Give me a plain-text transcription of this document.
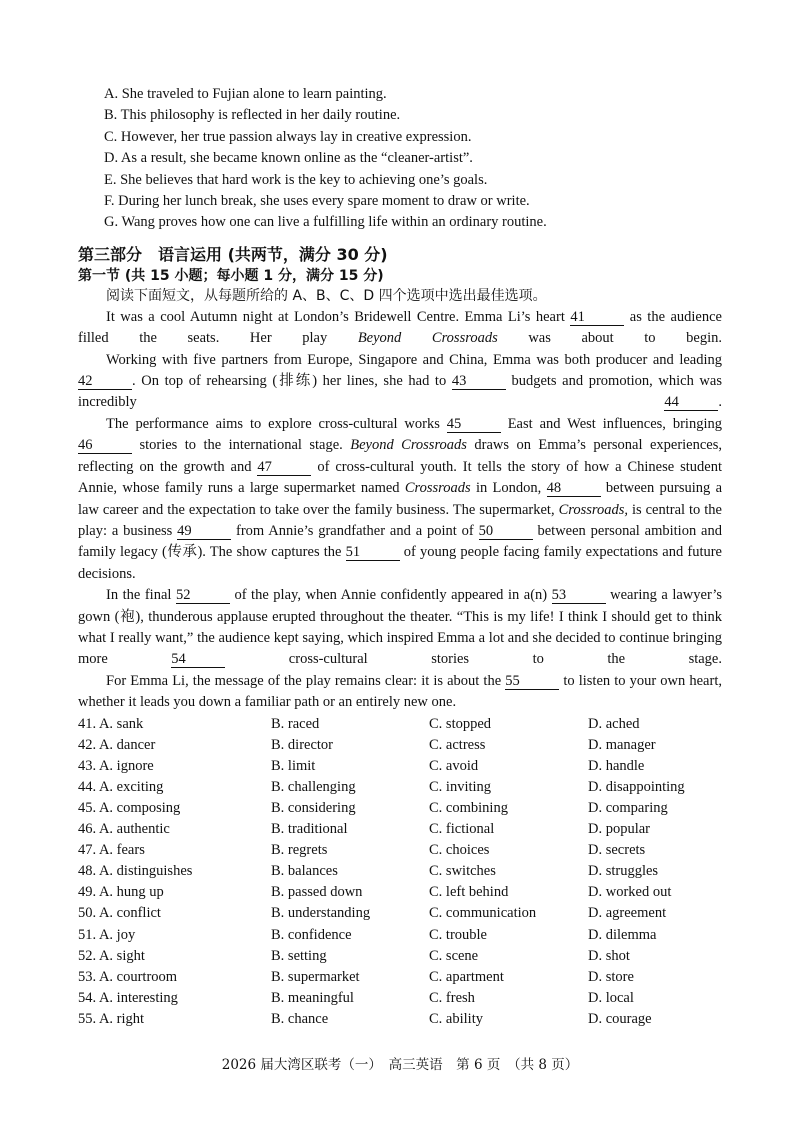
A. She traveled to Fujian alone to learn painting.
B. This philosophy is reflected in her daily routine.
C. However, her true passion always lay in creative expression.
D. As a result, she became known online as the “cleaner-artist”.
E. She believes that hard work is the key to achieving one’s goals.
F. During her lunch break, she uses every spare moment to draw or write.
G. Wang proves how one can live a fulfilling life within an ordinary routine.
第三部分　语言运用 (共两节，满分 30 分)
第一节 (共 15 小题；每小题 1 分，满分 15 分)
阅读下面短文，从每题所给的 A、B、C、D 四个选项中选出最佳选项。
It was a cool Autumn night at London’s Bridewell Centre. Emma Li’s heart 41	as the audience filled the seats. Her play Beyond Crossroads was about to begin.
Working with five partners from Europe, Singapore and China, Emma was both producer and leading 42	. On top of rehearsing (排练) her lines, she had to 43	budgets and promotion, which was incredibly 44	.
The performance aims to explore cross-cultural works 45	East and West influences, bringing 46	stories to the international stage. Beyond Crossroads draws on Emma’s personal experiences, reflecting on the growth and 47	of cross-cultural youth. It tells the story of how a Chinese student Annie, whose family runs a large supermarket named Crossroads in London, 48	between pursuing a law career and the expectation to take over the family business. The supermarket, Crossroads, is central to the play: a business 49	from Annie’s grandfather and a point of 50	between personal ambition and family legacy (传承). The show captures the 51	of young people facing family expectations and future decisions.
In the final 52	of the play, when Annie confidently appeared in a(n) 53	wearing a lawyer’s gown (袍), thunderous applause erupted throughout the theater. “This is my life! I think I should get to think what I really want,” the audience kept saying, which inspired Emma a lot and she decided to continue bringing more 54	cross-cultural stories to the stage.
For Emma Li, the message of the play remains clear: it is about the 55	to listen to your own heart, whether it leads you down a familiar path or an entirely new one.
41. A. sank	B. raced	C. stopped	D. ached
42. A. dancer	B. director	C. actress	D. manager
43. A. ignore	B. limit	C. avoid	D. handle
44. A. exciting	B. challenging	C. inviting	D. disappointing
45. A. composing	B. considering	C. combining	D. comparing
46. A. authentic	B. traditional	C. fictional	D. popular
47. A. fears	B. regrets	C. choices	D. secrets
48. A. distinguishes	B. balances	C. switches	D. struggles
49. A. hung up	B. passed down	C. left behind	D. worked out
50. A. conflict	B. understanding	C. communication	D. agreement
51. A. joy	B. confidence	C. trouble	D. dilemma
52. A. sight	B. setting	C. scene	D. shot
53. A. courtroom	B. supermarket	C. apartment	D. store
54. A. interesting	B. meaningful	C. fresh	D. local
55. A. right	B. chance	C. ability	D. courage
2026 届大湾区联考（一）　高三英语　第 6 页　（共 8 页）
